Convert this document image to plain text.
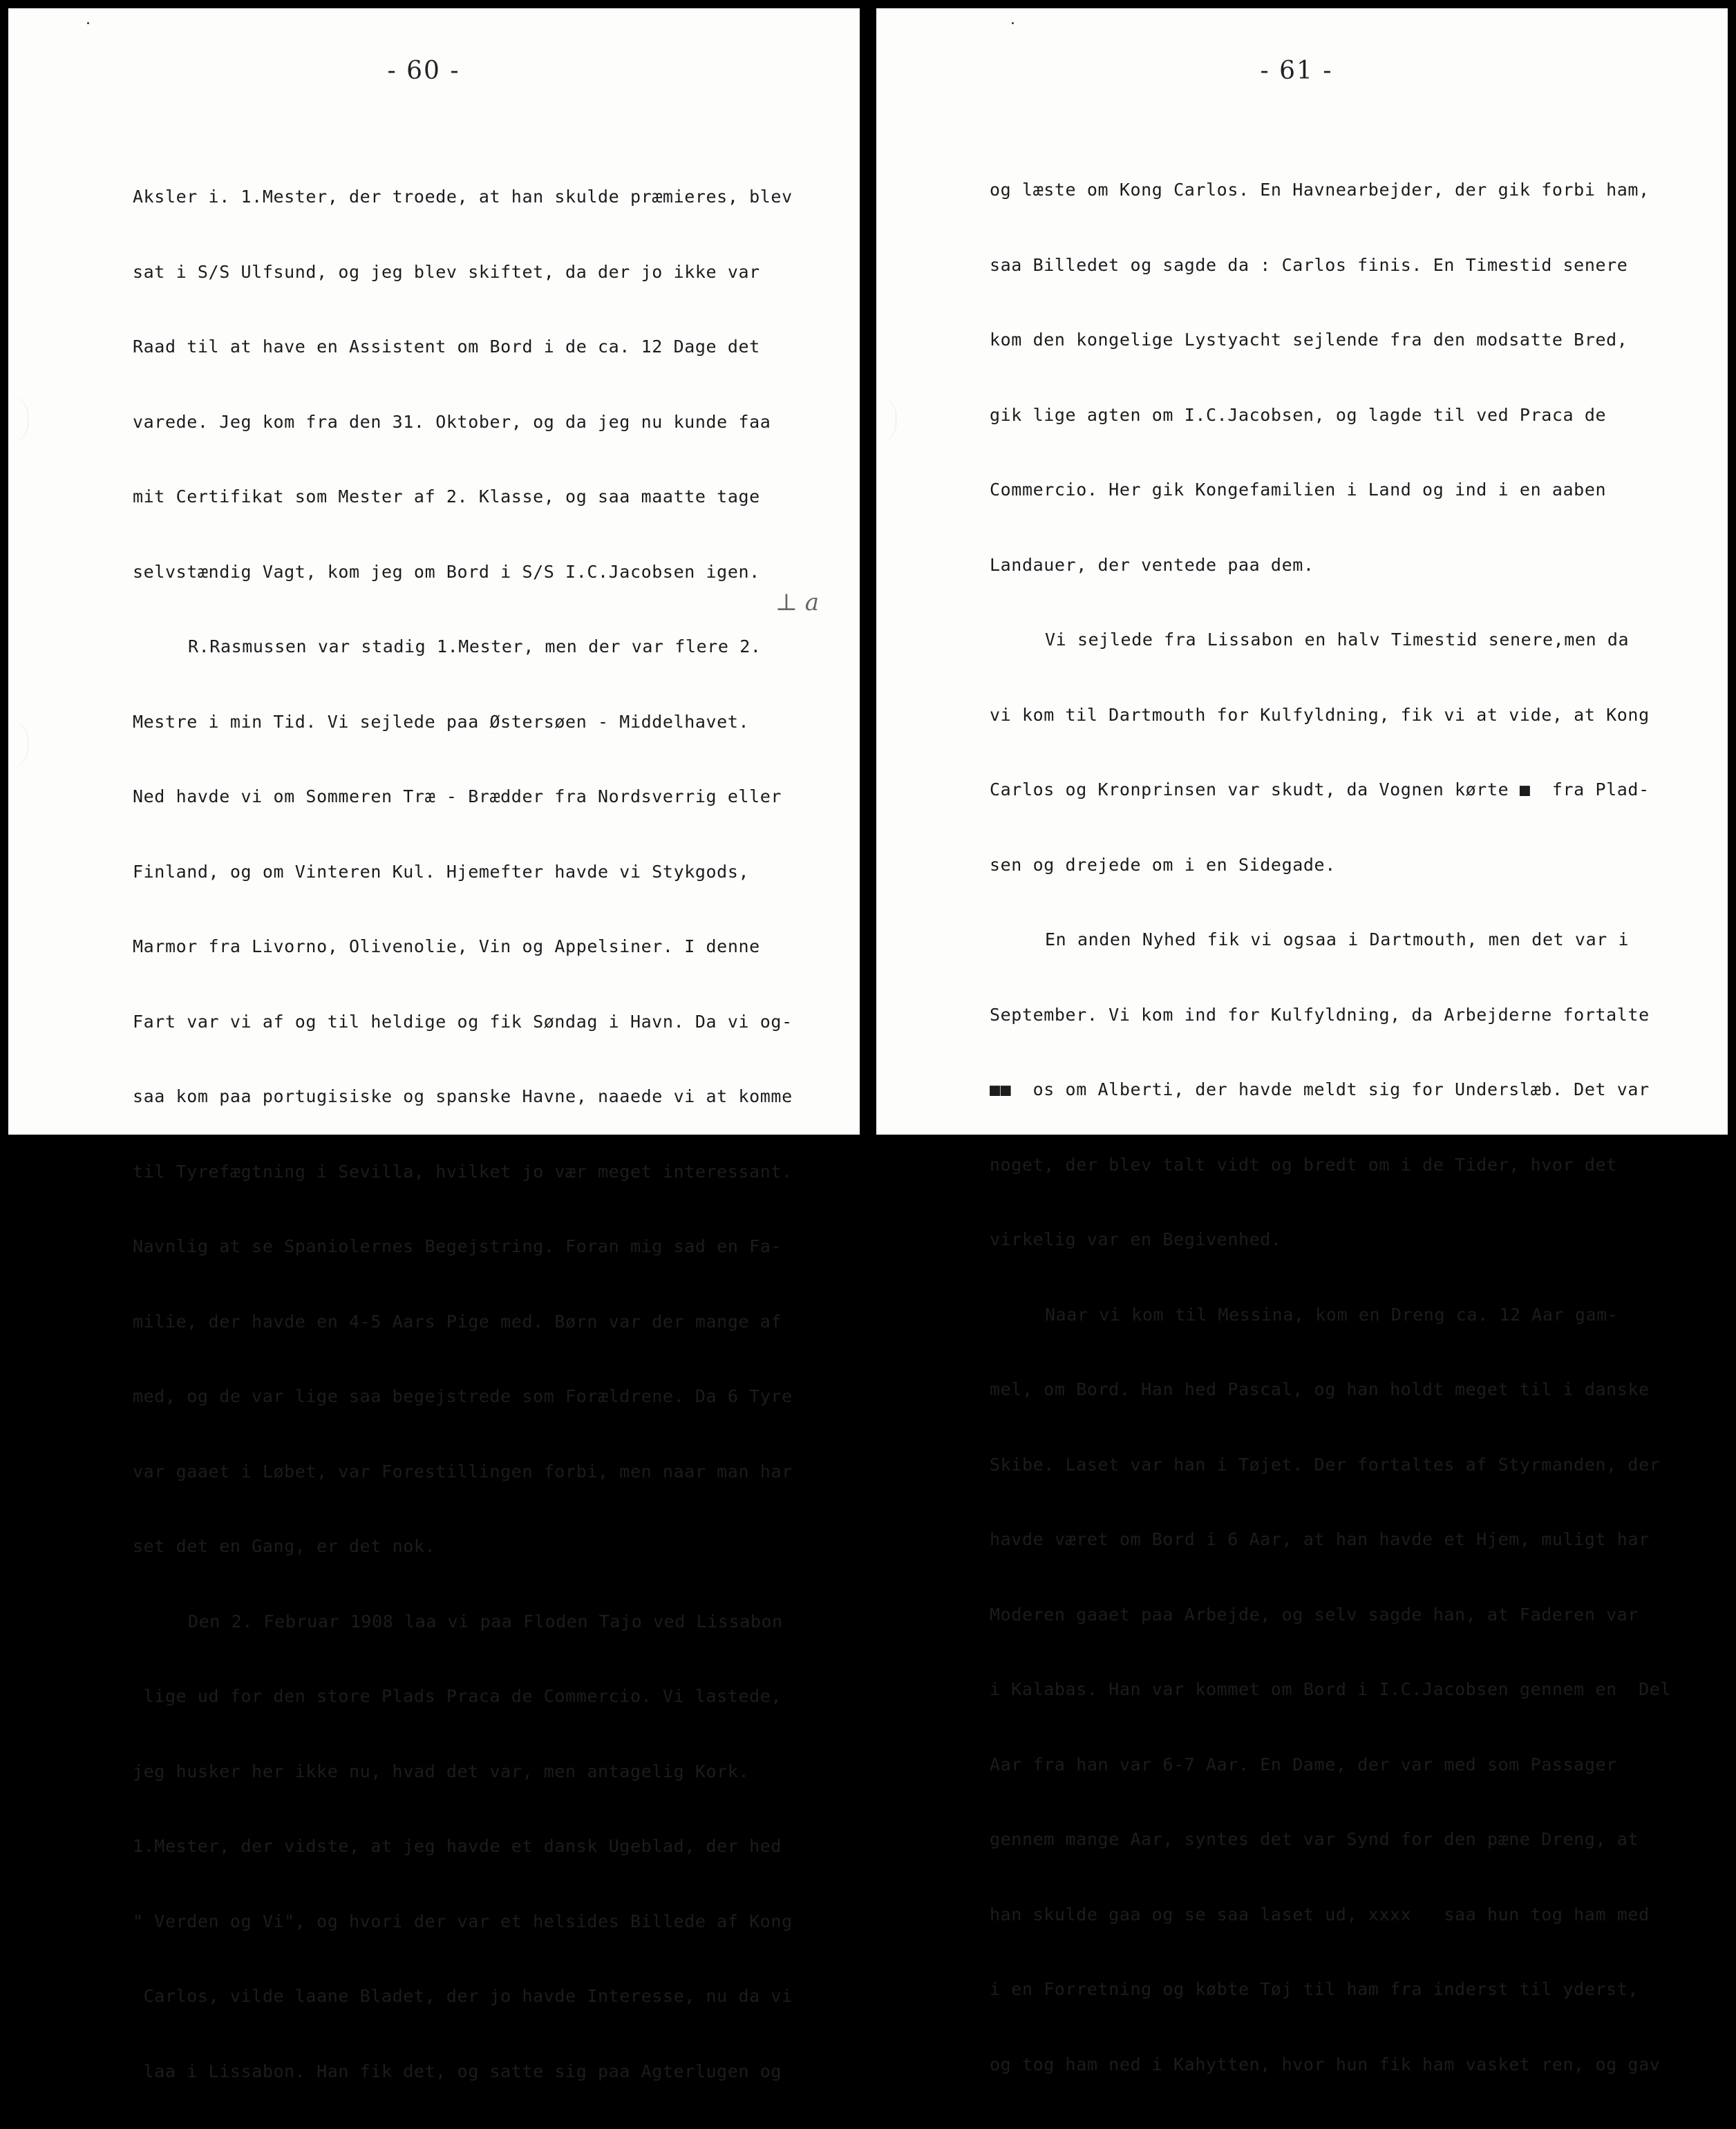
- 60 -

Aksler i. 1.Mester, der troede, at han skulde præmieres, blev

sat i S/S Ulfsund, og jeg blev skiftet, da der jo ikke var

Raad til at have en Assistent om Bord i de ca. 12 Dage det

varede. Jeg kom fra den 31. Oktober, og da jeg nu kunde faa

mit Certifikat som Mester af 2. Klasse, og saa maatte tage

selvstændig Vagt, kom jeg om Bord i S/S I.C.Jacobsen igen.

R.Rasmussen var stadig 1.Mester, men der var flere 2.

Mestre i min Tid. Vi sejlede paa Østersøen - Middelhavet.

Ned havde vi om Sommeren Træ - Brædder fra Nordsverrig eller

Finland, og om Vinteren Kul. Hjemefter havde vi Stykgods,

Marmor fra Livorno, Olivenolie, Vin og Appelsiner. I denne

Fart var vi af og til heldige og fik Søndag i Havn. Da vi og-

saa kom paa portugisiske og spanske Havne, naaede vi at komme

til Tyrefægtning i Sevilla, hvilket jo vær meget interessant.

Navnlig at se Spaniolernes Begejstring. Foran mig sad en Fa-

milie, der havde en 4-5 Aars Pige med. Børn var der mange af

med, og de var lige saa begejstrede som Forældrene. Da 6 Tyre

var gaaet i Løbet, var Forestillingen forbi, men naar man har

set det en Gang, er det nok.

Den 2. Februar 1908 laa vi paa Floden Tajo ved Lissabon

lige ud for den store Plads Praca de Commercio. Vi lastede,

jeg husker her ikke nu, hvad det var, men antagelig Kork.

1.Mester, der vidste, at jeg havde et dansk Ugeblad, der hed

" Verden og Vi", og hvori der var et helsides Billede af Kong

Carlos, vilde laane Bladet, der jo havde Interesse, nu da vi

laa i Lissabon. Han fik det, og satte sig paa Agterlugen og

⊥ a
- 61 -

og læste om Kong Carlos. En Havnearbejder, der gik forbi ham,

saa Billedet og sagde da : Carlos finis. En Timestid senere

kom den kongelige Lystyacht sejlende fra den modsatte Bred,

gik lige agten om I.C.Jacobsen, og lagde til ved Praca de

Commercio. Her gik Kongefamilien i Land og ind i en aaben

Landauer, der ventede paa dem.

Vi sejlede fra Lissabon en halv Timestid senere,men da

vi kom til Dartmouth for Kulfyldning, fik vi at vide, at Kong

Carlos og Kronprinsen var skudt, da Vognen kørte ■  fra Plad-

sen og drejede om i en Sidegade.

En anden Nyhed fik vi ogsaa i Dartmouth, men det var i

September. Vi kom ind for Kulfyldning, da Arbejderne fortalte

■■  os om Alberti, der havde meldt sig for Underslæb. Det var

noget, der blev talt vidt og bredt om i de Tider, hvor det

virkelig var en Begivenhed.

Naar vi kom til Messina, kom en Dreng ca. 12 Aar gam-

mel, om Bord. Han hed Pascal, og han holdt meget til i danske

Skibe. Laset var han i Tøjet. Der fortaltes af Styrmanden, der

havde været om Bord i 6 Aar, at han havde et Hjem, muligt har

Moderen gaaet paa Arbejde, og selv sagde han, at Faderen var

i Kalabas. Han var kommet om Bord i I.C.Jacobsen gennem en  Del

Aar fra han var 6-7 Aar. En Dame, der var med som Passager

gennem mange Aar, syntes det var Synd for den pæne Dreng, at

han skulde gaa og se saa laset ud, xxxx   saa hun tog ham med

i en Forretning og købte Tøj til ham fra inderst til yderst,

og tog ham ned i Kahytten, hvor hun fik ham vasket ren, og gav
